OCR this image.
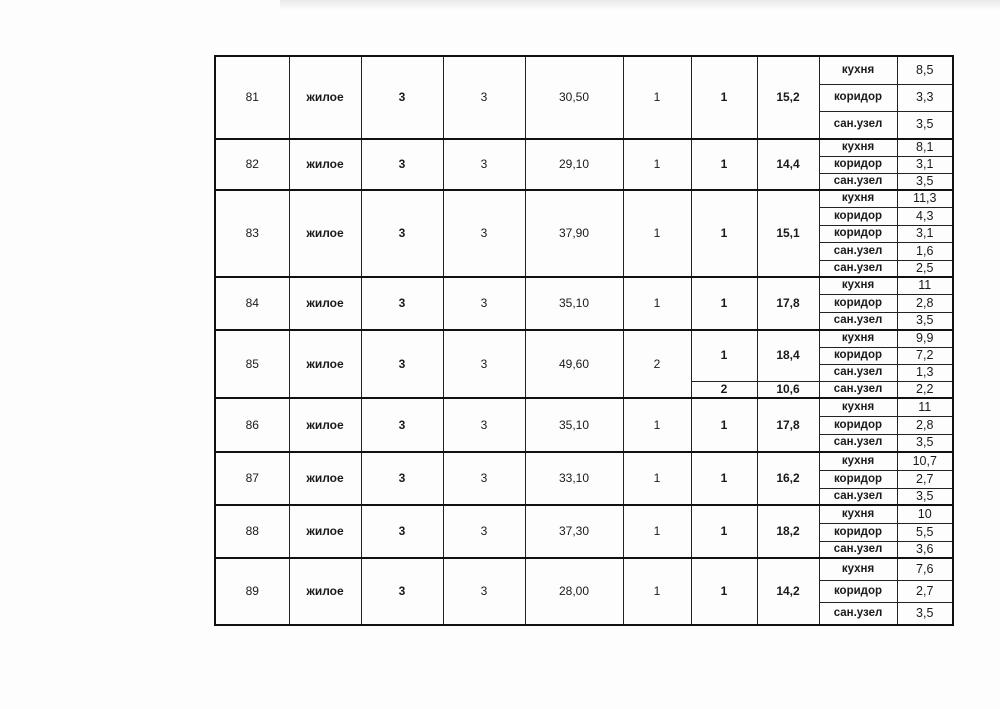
81	жилое	3	3	30,50	1	1	15,2	кухня	8,5
								коридор	3,3
								сан.узел	3,5
82	жилое	3	3	29,10	1	1	14,4	кухня	8,1
								коридор	3,1
								сан.узел	3,5
83	жилое	3	3	37,90	1	1	15,1	кухня	11,3
								коридор	4,3
								коридор	3,1
								сан.узел	1,6
								сан.узел	2,5
84	жилое	3	3	35,10	1	1	17,8	кухня	11
								коридор	2,8
								сан.узел	3,5
85	жилое	3	3	49,60	2	1	18,4	кухня	9,9
								коридор	7,2
								сан.узел	1,3
						2	10,6	сан.узел	2,2
86	жилое	3	3	35,10	1	1	17,8	кухня	11
								коридор	2,8
								сан.узел	3,5
87	жилое	3	3	33,10	1	1	16,2	кухня	10,7
								коридор	2,7
								сан.узел	3,5
88	жилое	3	3	37,30	1	1	18,2	кухня	10
								коридор	5,5
								сан.узел	3,6
89	жилое	3	3	28,00	1	1	14,2	кухня	7,6
								коридор	2,7
								сан.узел	3,5
